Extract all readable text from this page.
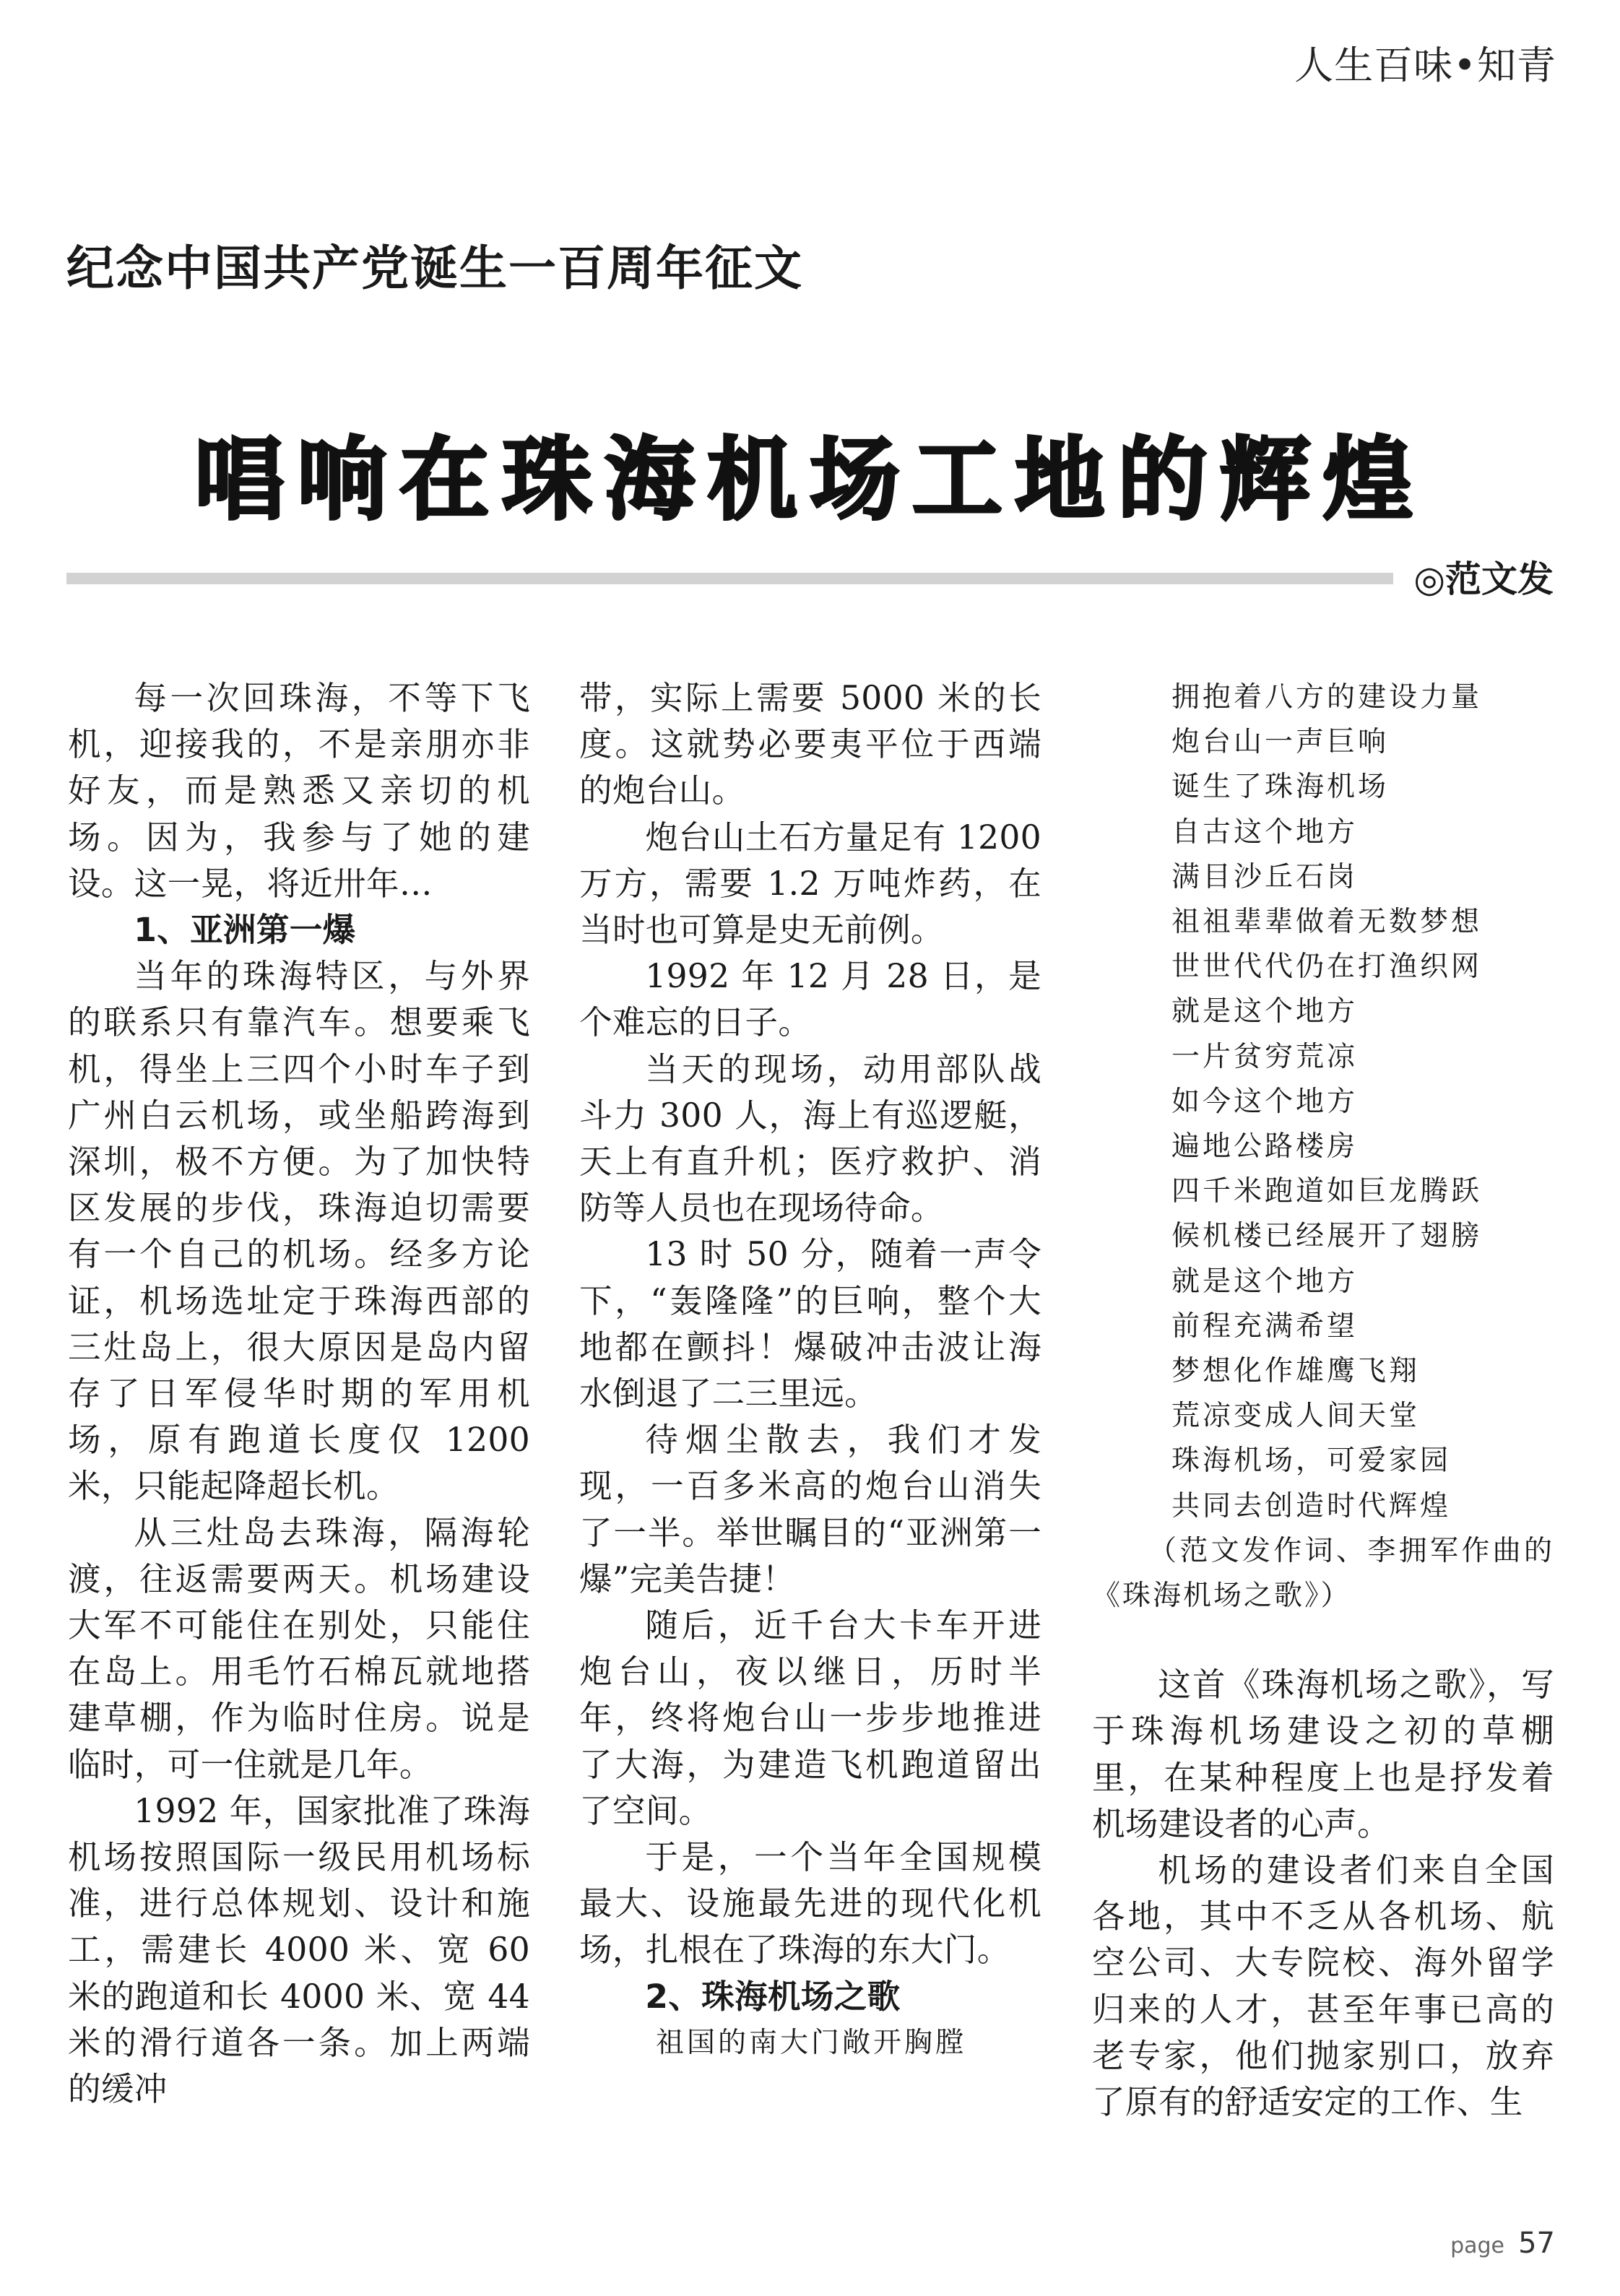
人生百味•知青
纪念中国共产党诞生一百周年征文
唱响在珠海机场工地的辉煌
◎范文发

每一次回珠海，不等下飞机，迎接我的，不是亲朋亦非好友，而是熟悉又亲切的机场。因为，我参与了她的建设。这一晃，将近卅年…

1、亚洲第一爆

当年的珠海特区，与外界的联系只有靠汽车。想要乘飞机，得坐上三四个小时车子到广州白云机场，或坐船跨海到深圳，极不方便。为了加快特区发展的步伐，珠海迫切需要有一个自己的机场。经多方论证，机场选址定于珠海西部的三灶岛上，很大原因是岛内留存了日军侵华时期的军用机场，原有跑道长度仅 1200 米，只能起降超长机。

从三灶岛去珠海，隔海轮渡，往返需要两天。机场建设大军不可能住在别处，只能住在岛上。用毛竹石棉瓦就地搭建草棚，作为临时住房。说是临时，可一住就是几年。

1992 年，国家批准了珠海机场按照国际一级民用机场标准，进行总体规划、设计和施工，需建长 4000 米、宽 60 米的跑道和长 4000 米、宽 44 米的滑行道各一条。加上两端的缓冲

带，实际上需要 5000 米的长度。这就势必要夷平位于西端的炮台山。

炮台山土石方量足有 1200 万方，需要 1.2 万吨炸药，在当时也可算是史无前例。

1992 年 12 月 28 日，是个难忘的日子。

当天的现场，动用部队战斗力 300 人，海上有巡逻艇，天上有直升机；医疗救护、消防等人员也在现场待命。

13 时 50 分，随着一声令下，“轰隆隆”的巨响，整个大地都在颤抖！爆破冲击波让海水倒退了二三里远。

待烟尘散去，我们才发现，一百多米高的炮台山消失了一半。举世瞩目的“亚洲第一爆”完美告捷！

随后，近千台大卡车开进炮台山，夜以继日，历时半年，终将炮台山一步步地推进了大海，为建造飞机跑道留出了空间。

于是，一个当年全国规模最大、设施最先进的现代化机场，扎根在了珠海的东大门。

2、珠海机场之歌
祖国的南大门敞开胸膛
拥抱着八方的建设力量
炮台山一声巨响
诞生了珠海机场
自古这个地方
满目沙丘石岗
祖祖辈辈做着无数梦想
世世代代仍在打渔织网
就是这个地方
一片贫穷荒凉
如今这个地方
遍地公路楼房
四千米跑道如巨龙腾跃
候机楼已经展开了翅膀
就是这个地方
前程充满希望
梦想化作雄鹰飞翔
荒凉变成人间天堂
珠海机场，可爱家园
共同去创造时代辉煌

（范文发作词、李拥军作曲的《珠海机场之歌》）

这首《珠海机场之歌》，写于珠海机场建设之初的草棚里，在某种程度上也是抒发着机场建设者的心声。

机场的建设者们来自全国各地，其中不乏从各机场、航空公司、大专院校、海外留学归来的人才，甚至年事已高的老专家，他们抛家别口，放弃了原有的舒适安定的工作、生

page 57
